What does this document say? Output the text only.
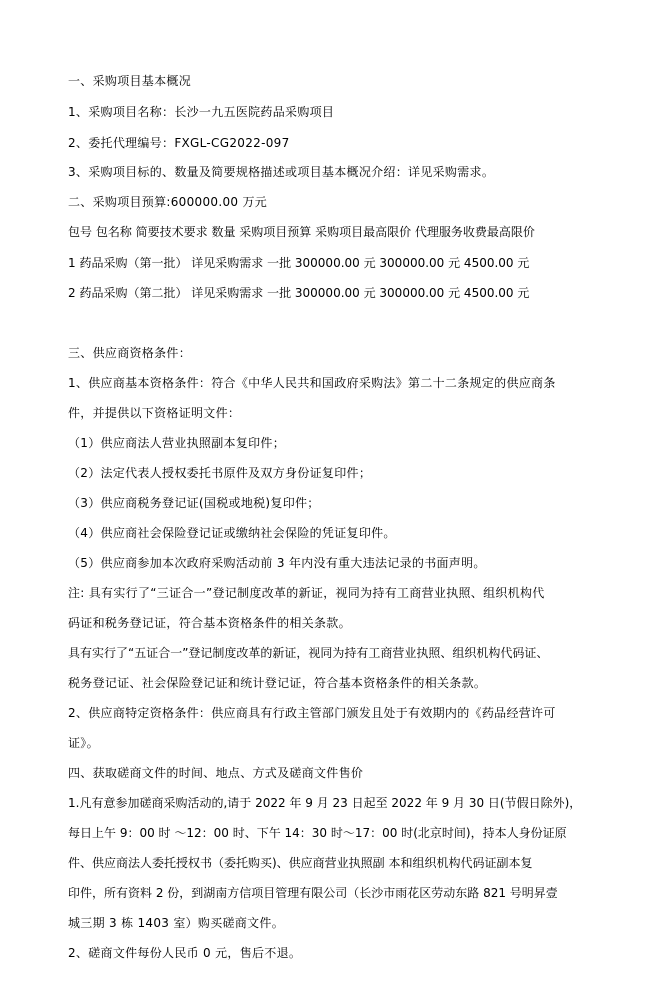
一、采购项目基本概况
1、采购项目名称：长沙一九五医院药品采购项目
2、委托代理编号：FXGL-CG2022-097
3、采购项目标的、数量及简要规格描述或项目基本概况介绍：详见采购需求。
二、采购项目预算:600000.00 万元
包号 包名称 简要技术要求 数量 采购项目预算 采购项目最高限价 代理服务收费最高限价
1 药品采购（第一批） 详见采购需求 一批 300000.00 元 300000.00 元 4500.00 元
2 药品采购（第二批） 详见采购需求 一批 300000.00 元 300000.00 元 4500.00 元
三、供应商资格条件：
1、供应商基本资格条件：符合《中华人民共和国政府采购法》第二十二条规定的供应商条
件，并提供以下资格证明文件：
（1）供应商法人营业执照副本复印件；
（2）法定代表人授权委托书原件及双方身份证复印件；
（3）供应商税务登记证(国税或地税)复印件；
（4）供应商社会保险登记证或缴纳社会保险的凭证复印件。
（5）供应商参加本次政府采购活动前 3 年内没有重大违法记录的书面声明。
注: 具有实行了“三证合一”登记制度改革的新证，视同为持有工商营业执照、组织机构代
码证和税务登记证，符合基本资格条件的相关条款。
具有实行了“五证合一”登记制度改革的新证，视同为持有工商营业执照、组织机构代码证、
税务登记证、社会保险登记证和统计登记证，符合基本资格条件的相关条款。
2、供应商特定资格条件：供应商具有行政主管部门颁发且处于有效期内的《药品经营许可
证》。
四、获取磋商文件的时间、地点、方式及磋商文件售价
1.凡有意参加磋商采购活动的,请于 2022 年 9 月 23 日起至 2022 年 9 月 30 日(节假日除外)，
每日上午 9：00 时 ～12：00 时、下午 14：30 时～17：00 时(北京时间)，持本人身份证原
件、供应商法人委托授权书（委托购买)、供应商营业执照副 本和组织机构代码证副本复
印件，所有资料 2 份，到湖南方信项目管理有限公司（长沙市雨花区劳动东路 821 号明昇壹
城三期 3 栋 1403 室）购买磋商文件。
2、磋商文件每份人民币 0 元，售后不退。
